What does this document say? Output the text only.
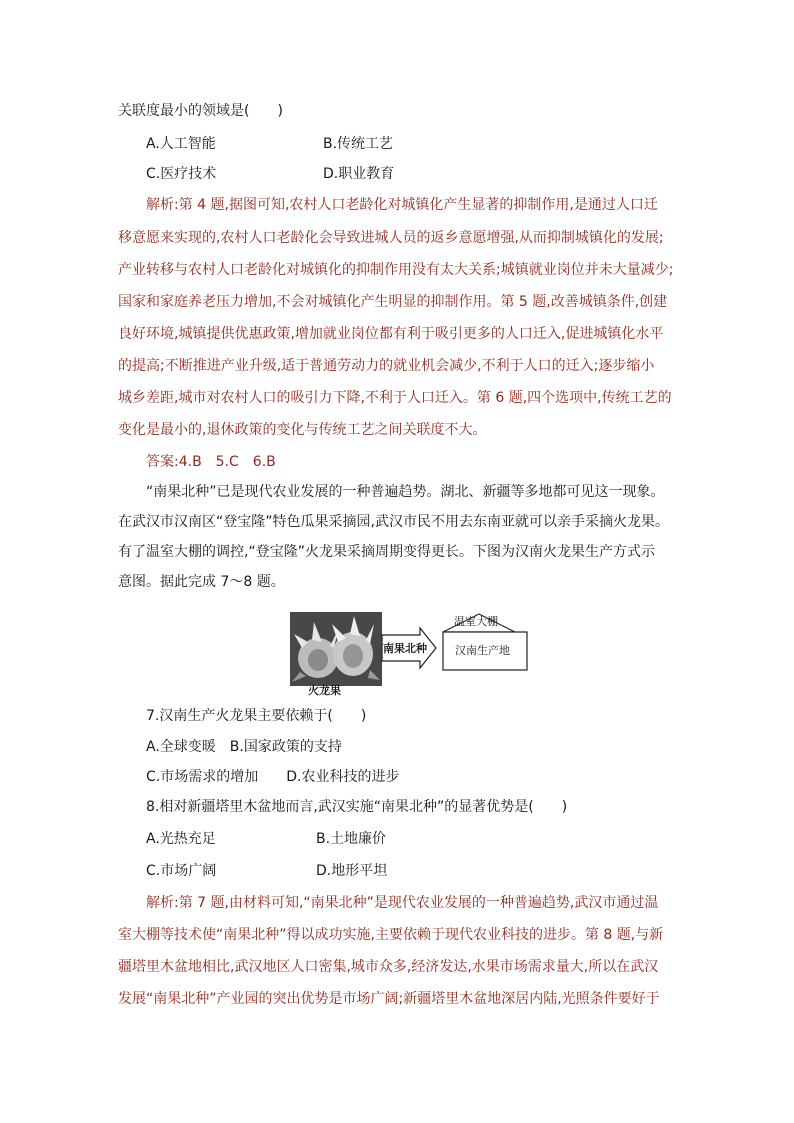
关联度最小的领域是(　　)
A.人工智能	B.传统工艺
C.医疗技术	D.职业教育
解析:第 4 题,据图可知,农村人口老龄化对城镇化产生显著的抑制作用,是通过人口迁
移意愿来实现的,农村人口老龄化会导致进城人员的返乡意愿增强,从而抑制城镇化的发展;
产业转移与农村人口老龄化对城镇化的抑制作用没有太大关系;城镇就业岗位并未大量减少;
国家和家庭养老压力增加,不会对城镇化产生明显的抑制作用。第 5 题,改善城镇条件,创建
良好环境,城镇提供优惠政策,增加就业岗位都有利于吸引更多的人口迁入,促进城镇化水平
的提高;不断推进产业升级,适于普通劳动力的就业机会减少,不利于人口的迁入;逐步缩小
城乡差距,城市对农村人口的吸引力下降,不利于人口迁入。第 6 题,四个选项中,传统工艺的
变化是最小的,退休政策的变化与传统工艺之间关联度不大。
答案:4.B　5.C　6.B
“南果北种”已是现代农业发展的一种普遍趋势。湖北、新疆等多地都可见这一现象。
在武汉市汉南区“登宝隆”特色瓜果采摘园,武汉市民不用去东南亚就可以亲手采摘火龙果。
有了温室大棚的调控,“登宝隆”火龙果采摘周期变得更长。下图为汉南火龙果生产方式示
意图。据此完成 7～8 题。
火龙果
南果北种
温室大棚
汉南生产地
7.汉南生产火龙果主要依赖于(　　)
A.全球变暖　B.国家政策的支持
C.市场需求的增加　　D.农业科技的进步
8.相对新疆塔里木盆地而言,武汉实施“南果北种”的显著优势是(　　)
A.光热充足	B.土地廉价
C.市场广阔	D.地形平坦
解析:第 7 题,由材料可知,“南果北种”是现代农业发展的一种普遍趋势,武汉市通过温
室大棚等技术使“南果北种”得以成功实施,主要依赖于现代农业科技的进步。第 8 题,与新
疆塔里木盆地相比,武汉地区人口密集,城市众多,经济发达,水果市场需求量大,所以在武汉
发展“南果北种”产业园的突出优势是市场广阔;新疆塔里木盆地深居内陆,光照条件要好于
